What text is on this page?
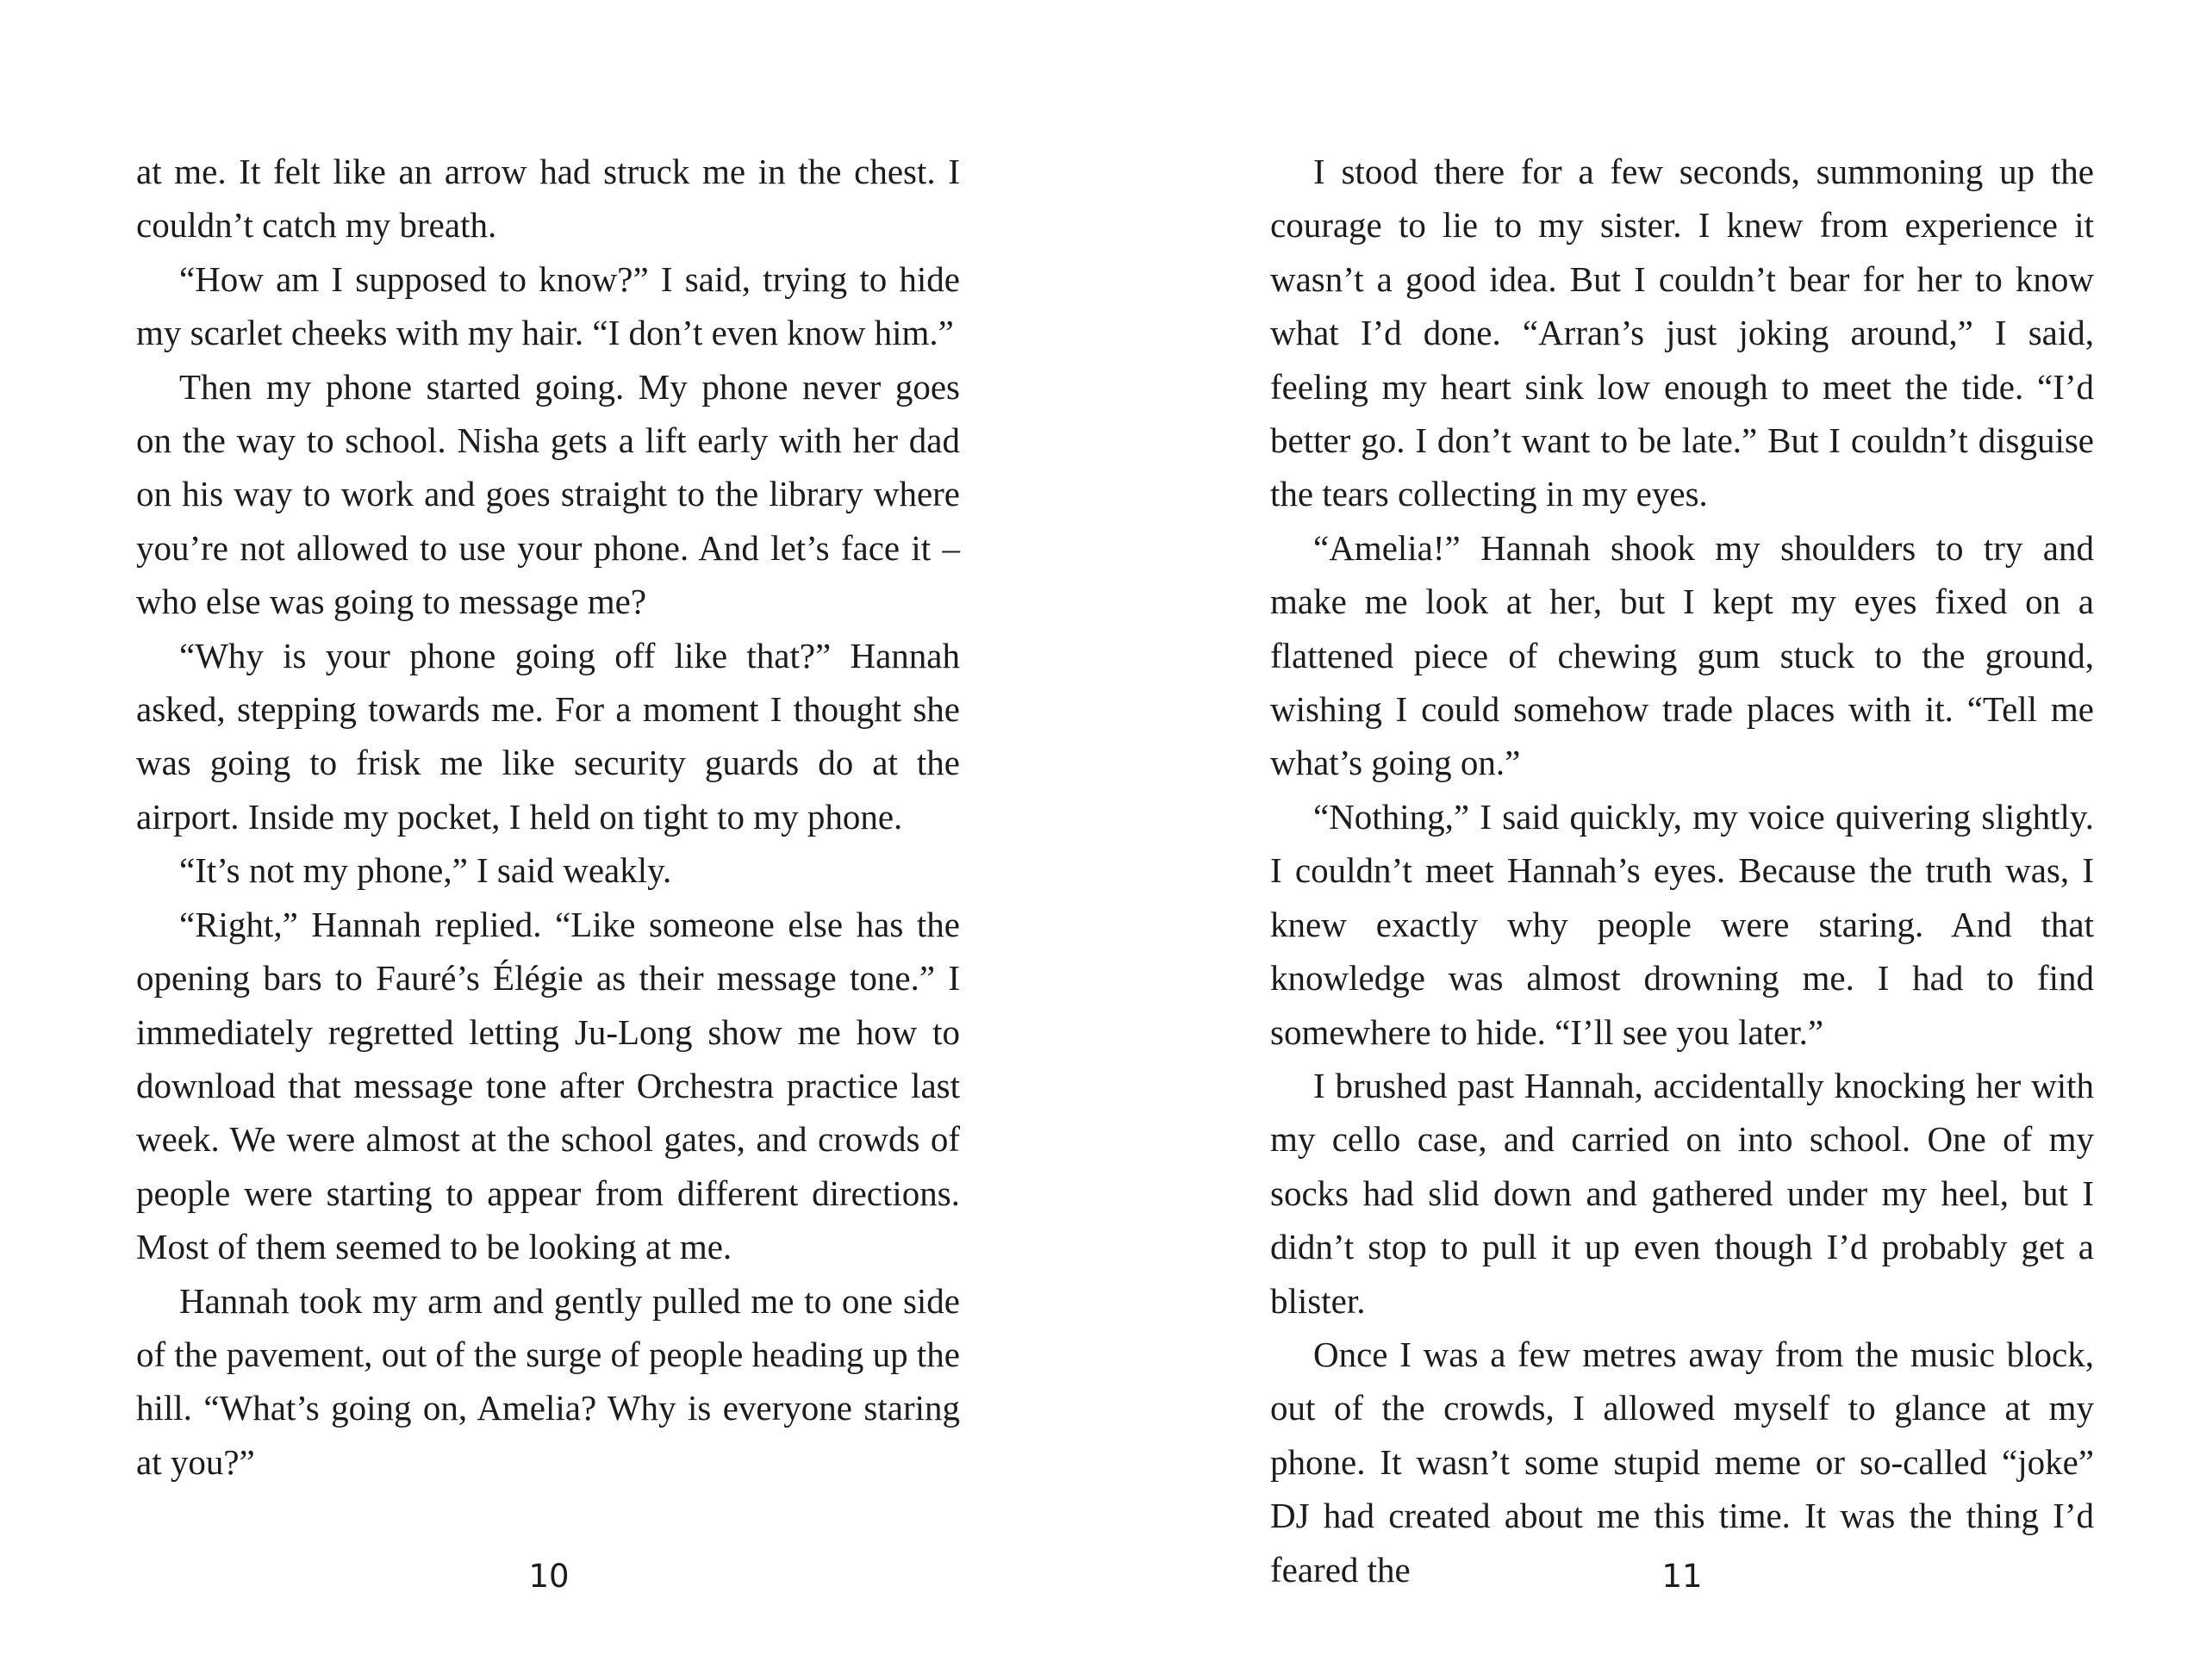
at me. It felt like an arrow had struck me in the chest. I couldn’t catch my breath.

“How am I supposed to know?” I said, trying to hide my scarlet cheeks with my hair. “I don’t even know him.”

Then my phone started going. My phone never goes on the way to school. Nisha gets a lift early with her dad on his way to work and goes straight to the library where you’re not allowed to use your phone. And let’s face it – who else was going to message me?

“Why is your phone going off like that?” Hannah asked, stepping towards me. For a moment I thought she was going to frisk me like security guards do at the airport. Inside my pocket, I held on tight to my phone.

“It’s not my phone,” I said weakly.

“Right,” Hannah replied. “Like someone else has the opening bars to Fauré’s Élégie as their message tone.” I immediately regretted letting Ju-Long show me how to download that message tone after Orchestra practice last week. We were almost at the school gates, and crowds of people were starting to appear from different directions. Most of them seemed to be looking at me.

Hannah took my arm and gently pulled me to one side of the pavement, out of the surge of people heading up the hill. “What’s going on, Amelia? Why is everyone staring at you?”

I stood there for a few seconds, summoning up the courage to lie to my sister. I knew from experience it wasn’t a good idea. But I couldn’t bear for her to know what I’d done. “Arran’s just joking around,” I said, feeling my heart sink low enough to meet the tide. “I’d better go. I don’t want to be late.” But I couldn’t disguise the tears collecting in my eyes.

“Amelia!” Hannah shook my shoulders to try and make me look at her, but I kept my eyes fixed on a flattened piece of chewing gum stuck to the ground, wishing I could somehow trade places with it. “Tell me what’s going on.”

“Nothing,” I said quickly, my voice quivering slightly. I couldn’t meet Hannah’s eyes. Because the truth was, I knew exactly why people were staring. And that knowledge was almost drowning me. I had to find somewhere to hide. “I’ll see you later.”

I brushed past Hannah, accidentally knocking her with my cello case, and carried on into school. One of my socks had slid down and gathered under my heel, but I didn’t stop to pull it up even though I’d probably get a blister.

Once I was a few metres away from the music block, out of the crowds, I allowed myself to glance at my phone. It wasn’t some stupid meme or so-called “joke” DJ had created about me this time. It was the thing I’d feared the

10	11
